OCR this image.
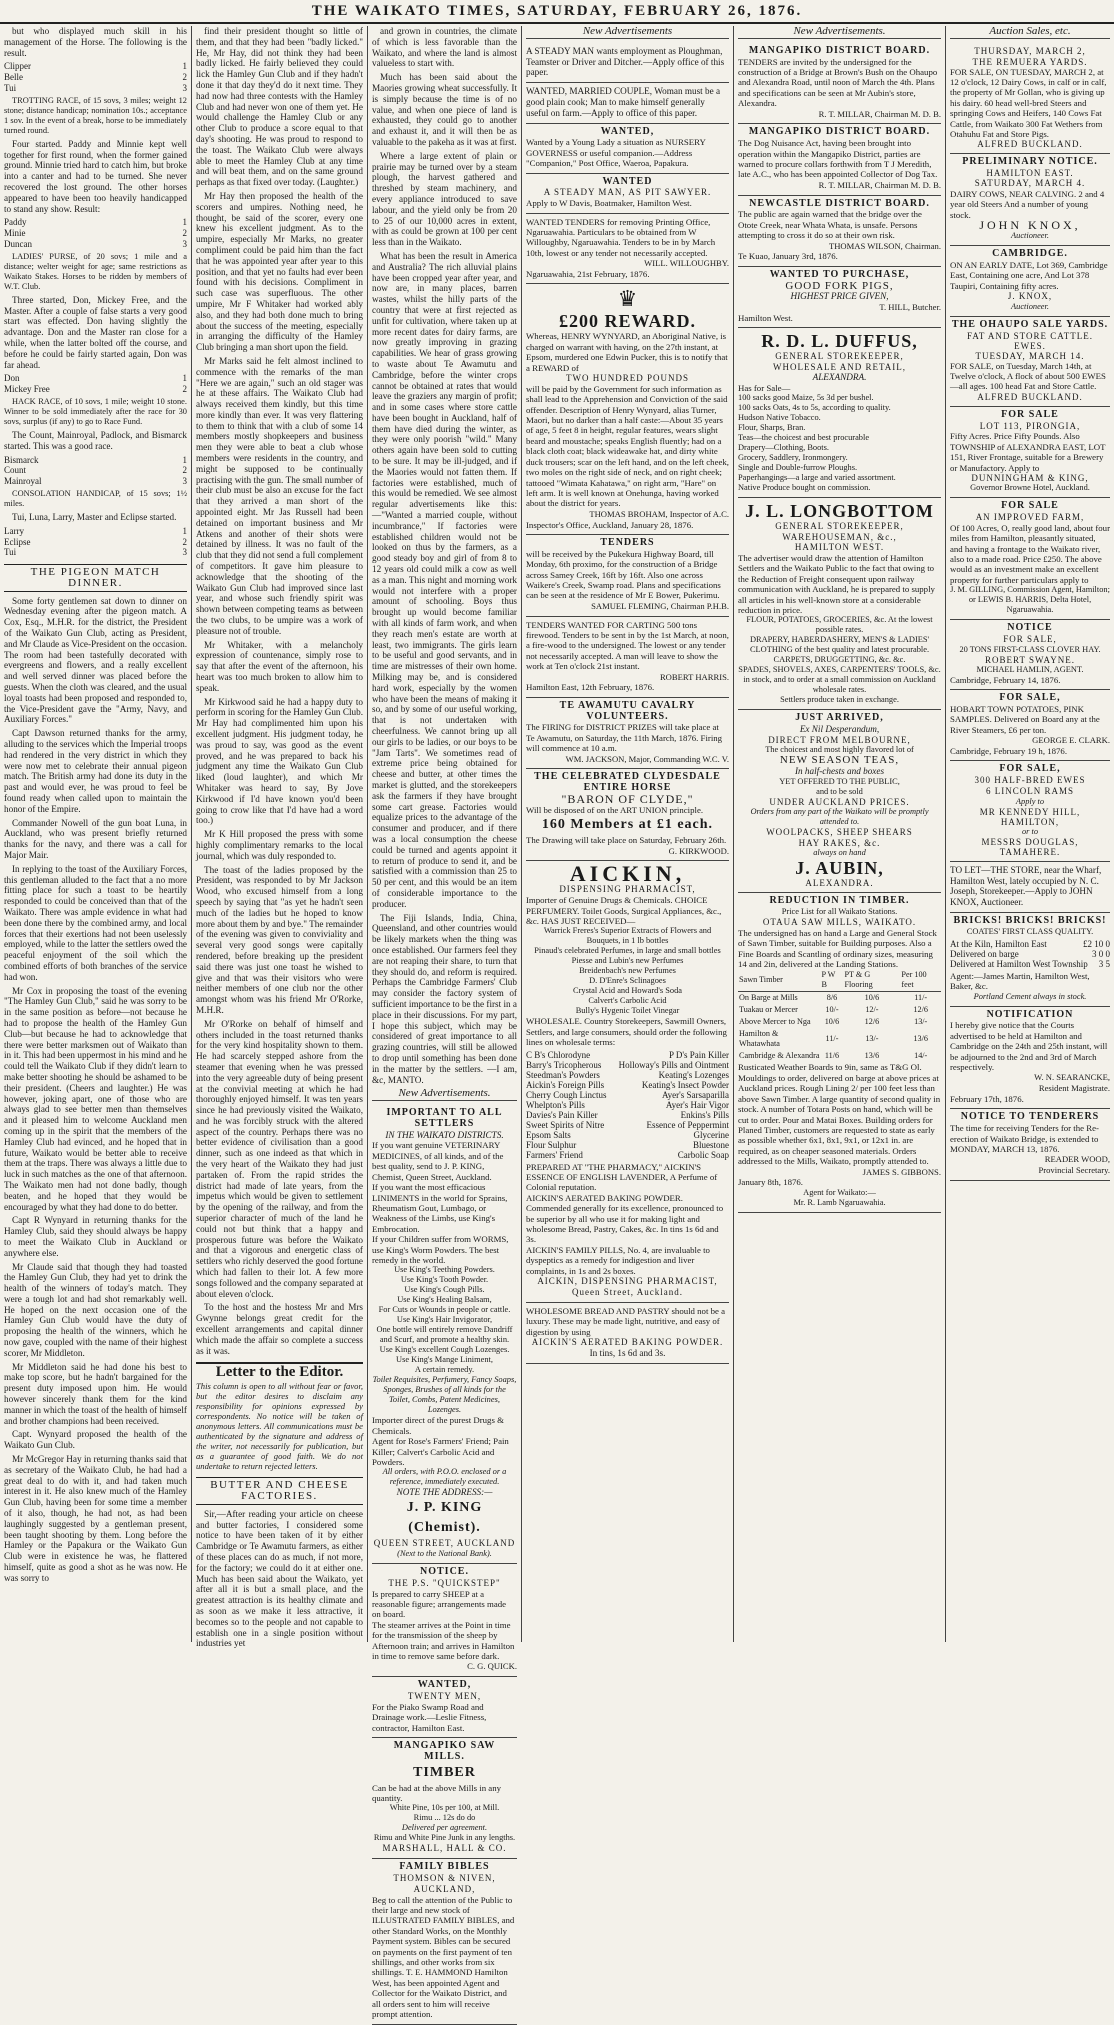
THE WAIKATO TIMES, SATURDAY, FEBRUARY 26, 1876.

but who displayed much skill in his management of the Horse. The following is the result.

Clipper	1
Belle	2
Tui	3

TROTTING RACE, of 15 sovs, 3 miles; weight 12 stone; distance handicap; nomination 10s.; acceptance 1 sov. In the event of a break, horse to be immediately turned round.

Four started. Paddy and Minnie kept well together for first round, when the former gained ground. Minnie tried hard to catch him, but broke into a canter and had to be turned. She never recovered the lost ground. The other horses appeared to have been too heavily handicapped to stand any show. Result:

Paddy	1
Minie	2
Duncan	3

LADIES' PURSE, of 20 sovs; 1 mile and a distance; welter weight for age; same restrictions as Waikato Stakes. Horses to be ridden by members of W.T. Club.

Three started, Don, Mickey Free, and the Master. After a couple of false starts a very good start was effected. Don having slightly the advantage. Don and the Master ran close for a while, when the latter bolted off the course, and before he could be fairly started again, Don was far ahead.

Don	1
Mickey Free	2

HACK RACE, of 10 sovs, 1 mile; weight 10 stone. Winner to be sold immediately after the race for 30 sovs, surplus (if any) to go to Race Fund.

The Count, Mainroyal, Padlock, and Bismarck started. This was a good race.

Bismarck	1
Count	2
Mainroyal	3

CONSOLATION HANDICAP, of 15 sovs; 1½ miles.

Tui, Luna, Larry, Master and Eclipse started.

Larry	1
Eclipse	2
Tui	3
THE PIGEON MATCH DINNER.

Some forty gentlemen sat down to dinner on Wednesday evening after the pigeon match. A Cox, Esq., M.H.R. for the district, the President of the Waikato Gun Club, acting as President, and Mr Claude as Vice-President on the occasion. The room had been tastefully decorated with evergreens and flowers, and a really excellent and well served dinner was placed before the guests. When the cloth was cleared, and the usual loyal toasts had been proposed and responded to, the Vice-President gave the "Army, Navy, and Auxiliary Forces."

Capt Dawson returned thanks for the army, alluding to the services which the Imperial troops had rendered in the very district in which they were now met to celebrate their annual pigeon match. The British army had done its duty in the past and would ever, he was proud to feel be found ready when called upon to maintain the honor of the Empire.

Commander Nowell of the gun boat Luna, in Auckland, who was present briefly returned thanks for the navy, and there was a call for Major Mair.

In replying to the toast of the Auxiliary Forces, this gentleman alluded to the fact that a no more fitting place for such a toast to be heartily responded to could be conceived than that of the Waikato. There was ample evidence in what had been done there by the combined army, and local forces that their exertions had not been uselessly employed, while to the latter the settlers owed the peaceful enjoyment of the soil which the combined efforts of both branches of the service had won.

Mr Cox in proposing the toast of the evening "The Hamley Gun Club," said he was sorry to be in the same position as before—not because he had to propose the health of the Hamley Gun Club—but because he had to acknowledge that there were better marksmen out of Waikato than in it. This had been uppermost in his mind and he could tell the Waikato Club if they didn't learn to make better shooting he should be ashamed to be their president. (Cheers and laughter.) He was however, joking apart, one of those who are always glad to see better men than themselves and it pleased him to welcome Auckland men coming up in the spirit that the members of the Hamley Club had evinced, and he hoped that in future, Waikato would be better able to receive them at the traps. There was always a little due to luck in such matches as the one of that afternoon. The Waikato men had not done badly, though beaten, and he hoped that they would be encouraged by what they had done to do better.

Capt R Wynyard in returning thanks for the Hamley Club, said they should always be happy to meet the Waikato Club in Auckland or anywhere else.

Mr Claude said that though they had toasted the Hamley Gun Club, they had yet to drink the health of the winners of today's match. They were a tough lot and had shot remarkably well. He hoped on the next occasion one of the Hamley Gun Club would have the duty of proposing the health of the winners, which he now gave, coupled with the name of their highest scorer, Mr Middleton.

Mr Middleton said he had done his best to make top score, but he hadn't bargained for the present duty imposed upon him. He would however sincerely thank them for the kind manner in which the toast of the health of himself and brother champions had been received.

Capt. Wynyard proposed the health of the Waikato Gun Club.

Mr McGregor Hay in returning thanks said that as secretary of the Waikato Club, he had had a great deal to do with it, and had taken much interest in it. He also knew much of the Hamley Gun Club, having been for some time a member of it also, though, he had not, as had been laughingly suggested by a gentleman present, been taught shooting by them. Long before the Hamley or the Papakura or the Waikato Gun Club were in existence he was, he flattered himself, quite as good a shot as he was now. He was sorry to

find their president thought so little of them, and that they had been "badly licked." He, Mr Hay, did not think they had been badly licked. He fairly believed they could lick the Hamley Gun Club and if they hadn't done it that day they'd do it next time. They had now had three contests with the Hamley Club and had never won one of them yet. He would challenge the Hamley Club or any other Club to produce a score equal to that day's shooting. He was proud to respond to the toast. The Waikato Club were always able to meet the Hamley Club at any time and will beat them, and on the same ground perhaps as that fixed over today. (Laughter.)

Mr Hay then proposed the health of the scorers and umpires. Nothing need, he thought, be said of the scorer, every one knew his excellent judgment. As to the umpire, especially Mr Marks, no greater compliment could be paid him than the fact that he was appointed year after year to this position, and that yet no faults had ever been found with his decisions. Compliment in such case was superfluous. The other umpire, Mr F Whitaker had worked ably also, and they had both done much to bring about the success of the meeting, especially in arranging the difficulty of the Hamley Club bringing a man short upon the field.

Mr Marks said he felt almost inclined to commence with the remarks of the man "Here we are again," such an old stager was he at these affairs. The Waikato Club had always received them kindly, but this time more kindly than ever. It was very flattering to them to think that with a club of some 14 members mostly shopkeepers and business men they were able to beat a club whose members were residents in the country, and might be supposed to be continually practising with the gun. The small number of their club must be also an excuse for the fact that they arrived a man short of the appointed eight. Mr Jas Russell had been detained on important business and Mr Atkens and another of their shots were detained by illness. It was no fault of the club that they did not send a full complement of competitors. It gave him pleasure to acknowledge that the shooting of the Waikato Gun Club had improved since last year, and whose such friendly spirit was shown between competing teams as between the two clubs, to be umpire was a work of pleasure not of trouble.

Mr Whitaker, with a melancholy expression of countenance, simply rose to say that after the event of the afternoon, his heart was too much broken to allow him to speak.

Mr Kirkwood said he had a happy duty to perform in scoring for the Hamley Gun Club. Mr Hay had complimented him upon his excellent judgment. His judgment today, he was proud to say, was good as the event proved, and he was prepared to back his judgment any time the Waikato Gun Club liked (loud laughter), and which Mr Whitaker was heard to say, By Jove Kirkwood if I'd have known you'd been going to crow like that I'd have had a word too.)

Mr K Hill proposed the press with some highly complimentary remarks to the local journal, which was duly responded to.

The toast of the ladies proposed by the President, was responded to by Mr Jackson Wood, who excused himself from a long speech by saying that "as yet he hadn't seen much of the ladies but he hoped to know more about them by and bye." The remainder of the evening was given to conviviality and several very good songs were capitally rendered, before breaking up the president said there was just one toast he wished to give and that was their visitors who were neither members of one club nor the other amongst whom was his friend Mr O'Rorke, M.H.R.

Mr O'Rorke on behalf of himself and others included in the toast returned thanks for the very kind hospitality shown to them. He had scarcely stepped ashore from the steamer that evening when he was pressed into the very agreeable duty of being present at the convivial meeting at which he had thoroughly enjoyed himself. It was ten years since he had previously visited the Waikato, and he was forcibly struck with the altered aspect of the country. Perhaps there was no better evidence of civilisation than a good dinner, such as one indeed as that which in the very heart of the Waikato they had just partaken of. From the rapid strides the district had made of late years, from the impetus which would be given to settlement by the opening of the railway, and from the superior character of much of the land he could not but think that a happy and prosperous future was before the Waikato and that a vigorous and energetic class of settlers who richly deserved the good fortune which had fallen to their lot. A few more songs followed and the company separated at about eleven o'clock.

To the host and the hostess Mr and Mrs Gwynne belongs great credit for the excellent arrangements and capital dinner which made the affair so complete a success as it was.

Letter to the Editor.
This column is open to all without fear or favor, but the editor desires to disclaim any responsibility for opinions expressed by correspondents. No notice will be taken of anonymous letters. All communications must be authenticated by the signature and address of the writer, not necessarily for publication, but as a guarantee of good faith. We do not undertake to return rejected letters.
BUTTER AND CHEESE FACTORIES.

Sir,—After reading your article on cheese and butter factories, I considered some notice to have been taken of it by either Cambridge or Te Awamutu farmers, as either of these places can do as much, if not more, for the factory; we could do it at either one. Much has been said about the Waikato, yet after all it is but a small place, and the greatest attraction is its healthy climate and as soon as we make it less attractive, it becomes so to the people and not capable to establish one in a single position without industries yet

and grown in countries, the climate of which is less favorable than the Waikato, and where the land is almost valueless to start with.

Much has been said about the Maories growing wheat successfully. It is simply because the time is of no value, and when one piece of land is exhausted, they could go to another and exhaust it, and it will then be as valuable to the pakeha as it was at first.

Where a large extent of plain or prairie may be turned over by a steam plough, the harvest gathered and threshed by steam machinery, and every appliance introduced to save labour, and the yield only be from 20 to 25 of our 10,000 acres in extent, with as could be grown at 100 per cent less than in the Waikato.

What has been the result in America and Australia? The rich alluvial plains have been cropped year after year, and now are, in many places, barren wastes, whilst the hilly parts of the country that were at first rejected as unfit for cultivation, where taken up at more recent dates for dairy farms, are now greatly improving in grazing capabilities. We hear of grass growing to waste about Te Awamutu and Cambridge, before the winter crops cannot be obtained at rates that would leave the graziers any margin of profit; and in some cases where store cattle have been bought in Auckland, half of them have died during the winter, as they were only poorish "wild." Many others again have been sold to cutting to be sure. It may be ill-judged, and if the Maories would not fatten them. If factories were established, much of this would be remedied. We see almost regular advertisements like this:—"Wanted a married couple, without incumbrance," If factories were established children would not be looked on thus by the farmers, as a good steady boy and girl of from 8 to 12 years old could milk a cow as well as a man. This night and morning work would not interfere with a proper amount of schooling. Boys thus brought up would become familiar with all kinds of farm work, and when they reach men's estate are worth at least, two immigrants. The girls learn to be useful and good servants, and in time are mistresses of their own home. Milking may be, and is considered hard work, especially by the women who have been the means of making it so, and by some of our useful working, that is not undertaken with cheerfulness. We cannot bring up all our girls to be ladies, or our boys to be "Jam Tarts". We sometimes read of extreme price being obtained for cheese and butter, at other times the market is glutted, and the storekeepers ask the farmers if they have brought some cart grease. Factories would equalize prices to the advantage of the consumer and producer, and if there was a local consumption the cheese could be turned and agents appoint it to return of produce to send it, and be satisfied with a commission than 25 to 50 per cent, and this would be an item of considerable importance to the producer.

The Fiji Islands, India, China, Queensland, and other countries would be likely markets when the thing was once established. Our farmers feel they are not reaping their share, to turn that they should do, and reform is required. Perhaps the Cambridge Farmers' Club may consider the factory system of sufficient importance to be the first in a place in their discussions. For my part, I hope this subject, which may be considered of great importance to all grazing countries, will still be allowed to drop until something has been done in the matter by the settlers. —I am, &c, MANTO.

New Advertisements.
IMPORTANT TO ALL SETTLERS
IN THE WAIKATO DISTRICTS.
If you want genuine VETERINARY MEDICINES, of all kinds, and of the best quality, send to J. P. KING, Chemist, Queen Street, Auckland.
If you want the most efficacious LINIMENTS in the world for Sprains, Rheumatism Gout, Lumbago, or Weakness of the Limbs, use King's Embrocation.
If your Children suffer from WORMS, use King's Worm Powders. The best remedy in the world.
Use King's Teething Powders.
Use King's Tooth Powder.
Use King's Cough Pills.
Use King's Healing Balsam,
For Cuts or Wounds in people or cattle.
Use King's Hair Invigorator,
One bottle will entirely remove Dandriff and Scurf, and promote a healthy skin.
Use King's excellent Cough Lozenges.
Use King's Mange Liniment,
A certain remedy.
Toilet Requisites, Perfumery, Fancy Soaps, Sponges, Brushes of all kinds for the Toilet, Combs, Patent Medicines, Lozenges.
Importer direct of the purest Drugs & Chemicals.
Agent for Rose's Farmers' Friend; Pain Killer; Calvert's Carbolic Acid and Powders.
All orders, with P.O.O. enclosed or a reference, immediately executed.
NOTE THE ADDRESS:—
J. P. KING (Chemist).
QUEEN STREET, AUCKLAND
(Next to the National Bank).
NOTICE.
THE P.S. "QUICKSTEP"
Is prepared to carry SHEEP at a reasonable figure; arrangements made on board.
The steamer arrives at the Point in time for the transmission of the sheep by Afternoon train; and arrives in Hamilton in time to remove same before dark.
C. G. QUICK.
WANTED,
TWENTY MEN,
For the Piako Swamp Road and Drainage work.—Leslie Fitness, contractor, Hamilton East.
MANGAPIKO SAW MILLS.
TIMBER
Can be had at the above Mills in any quantity.
White Pine, 10s per 100, at Mill.
Rimu ... 12s do do
Delivered per agreement.
Rimu and White Pine Junk in any lengths.
MARSHALL, HALL & CO.
FAMILY BIBLES
THOMSON & NIVEN, AUCKLAND,
Beg to call the attention of the Public to their large and new stock of ILLUSTRATED FAMILY BIBLES, and other Standard Works, on the Monthly Payment system. Bibles can be secured on payments on the first payment of ten shillings, and other works from six shillings. T. E. HAMMOND Hamilton West, has been appointed Agent and Collector for the Waikato District, and all orders sent to him will receive prompt attention.
New Advertisements
A STEADY MAN wants employment as Ploughman, Teamster or Driver and Ditcher.—Apply office of this paper.
WANTED, MARRIED COUPLE, Woman must be a good plain cook; Man to make himself generally useful on farm.—Apply to office of this paper.
WANTED,
Wanted by a Young Lady a situation as NURSERY GOVERNESS or useful companion.—Address "Companion," Post Office, Waeroa, Papakura.
WANTED
A STEADY MAN, AS PIT SAWYER.
Apply to W Davis, Boatmaker, Hamilton West.
WANTED TENDERS for removing Printing Office, Ngaruawahia. Particulars to be obtained from W Willoughby, Ngaruawahia. Tenders to be in by March 10th, lowest or any tender not necessarily accepted.
WILL. WILLOUGHBY.
Ngaruawahia, 21st February, 1876.
♛
£200 REWARD.
Whereas, HENRY WYNYARD, an Aboriginal Native, is charged on warrant with having, on the 27th instant, at Epsom, murdered one Edwin Pucker, this is to notify that a REWARD of
TWO HUNDRED POUNDS
will be paid by the Government for such information as shall lead to the Apprehension and Conviction of the said offender. Description of Henry Wynyard, alias Turner, Maori, but no darker than a half caste:—About 35 years of age, 5 feet 8 in height, regular features, wears slight beard and moustache; speaks English fluently; had on a black cloth coat; black wideawake hat, and dirty white duck trousers; scar on the left hand, and on the left cheek, two moles on the right side of neck, and on right cheek; tattooed "Wimata Kahatawa," on right arm, "Hare" on left arm. It is well known at Onehunga, having worked about the district for years.
THOMAS BROHAM, Inspector of A.C.
Inspector's Office, Auckland, January 28, 1876.
TENDERS
will be received by the Pukekura Highway Board, till Monday, 6th proximo, for the construction of a Bridge across Samey Creek, 16ft by 16ft. Also one across Waikere's Creek, Swamp road. Plans and specifications can be seen at the residence of Mr E Bower, Pukerimu.
SAMUEL FLEMING, Chairman P.H.B.
TENDERS WANTED FOR CARTING 500 tons firewood. Tenders to be sent in by the 1st March, at noon, a fire-wood to the undersigned. The lowest or any tender not necessarily accepted. A man will leave to show the work at Ten o'clock 21st instant.
ROBERT HARRIS.
Hamilton East, 12th February, 1876.
TE AWAMUTU CAVALRY VOLUNTEERS.
The FIRING for DISTRICT PRIZES will take place at Te Awamutu, on Saturday, the 11th March, 1876. Firing will commence at 10 a.m.
WM. JACKSON, Major, Commanding W.C. V.
THE CELEBRATED CLYDESDALE ENTIRE HORSE
"BARON OF CLYDE,"
Will be disposed of on the ART UNION principle.
160 Members at £1 each.
The Drawing will take place on Saturday, February 26th.
G. KIRKWOOD.
AICKIN,
DISPENSING PHARMACIST,
Importer of Genuine Drugs & Chemicals. CHOICE PERFUMERY. Toilet Goods, Surgical Appliances, &c., &c. HAS JUST RECEIVED—
Warrick Freres's Superior Extracts of Flowers and Bouquets, in 1 lb bottles
Pinaud's celebrated Perfumes, in large and small bottles
Piesse and Lubin's new Perfumes
Breidenbach's new Perfumes
D. D'Enre's Sclinagoes
Crystal Acid and Howard's Soda
Calvert's Carbolic Acid
Bully's Hygenic Toilet Vinegar
WHOLESALE. Country Storekeepers, Sawmill Owners, Settlers, and large consumers, should order the following lines on wholesale terms:
C B's Chlorodyne	P D's Pain Killer
Barry's Tricopherous Holloway's Pills and Ointment
Steedman's Powders	Keating's Lozenges
Aickin's Foreign Pills	Keating's Insect Powder
Cherry Cough Linctus	Ayer's Sarsaparilla
Whelpton's Pills	Ayer's Hair Vigor
Davies's Pain Killer	Enkins's Pills
Sweet Spirits of Nitre	Essence of Peppermint
Epsom Salts	Glycerine
Flour Sulphur	Bluestone
Farmers' Friend	Carbolic Soap
PREPARED AT "THE PHARMACY," AICKIN'S ESSENCE OF ENGLISH LAVENDER, A Perfume of Colonial reputation.
AICKIN'S AERATED BAKING POWDER. Commended generally for its excellence, pronounced to be superior by all who use it for making light and wholesome Bread, Pastry, Cakes, &c. In tins 1s 6d and 3s.
AICKIN'S FAMILY PILLS, No. 4, are invaluable to dyspeptics as a remedy for indigestion and liver complaints, in 1s and 2s boxes.
AICKIN, DISPENSING PHARMACIST, Queen Street, Auckland.
WHOLESOME BREAD AND PASTRY should not be a luxury. These may be made light, nutritive, and easy of digestion by using
AICKIN'S AERATED BAKING POWDER.
In tins, 1s 6d and 3s.
New Advertisements.
MANGAPIKO DISTRICT BOARD.
TENDERS are invited by the undersigned for the construction of a Bridge at Brown's Bush on the Ohaupo and Alexandra Road, until noon of March the 4th. Plans and specifications can be seen at Mr Aubin's store, Alexandra.
R. T. MILLAR, Chairman M. D. B.
MANGAPIKO DISTRICT BOARD.
The Dog Nuisance Act, having been brought into operation within the Mangapiko District, parties are warned to procure collars forthwith from T J Meredith, late A.C., who has been appointed Collector of Dog Tax.
R. T. MILLAR, Chairman M. D. B.
NEWCASTLE DISTRICT BOARD.
The public are again warned that the bridge over the Otote Creek, near Whata Whata, is unsafe. Persons attempting to cross it do so at their own risk.
THOMAS WILSON, Chairman.
Te Kuao, January 3rd, 1876.
WANTED TO PURCHASE,
GOOD FORK PIGS,
HIGHEST PRICE GIVEN,
T. HILL, Butcher.
Hamilton West.
R. D. L. DUFFUS,
GENERAL STOREKEEPER,
WHOLESALE AND RETAIL,
ALEXANDRA.
Has for Sale—
100 sacks good Maize, 5s 3d per bushel.
100 sacks Oats, 4s to 5s, according to quality.
Hudson Native Tobacco.
Flour, Sharps, Bran.
Teas—the choicest and best procurable
Drapery—Clothing, Boots.
Grocery, Saddlery, Ironmongery.
Single and Double-furrow Ploughs.
Paperhangings—a large and varied assortment.
Native Produce bought on commission.
J. L. LONGBOTTOM
GENERAL STOREKEEPER,
WAREHOUSEMAN, &c.,
HAMILTON WEST.
The advertiser would draw the attention of Hamilton Settlers and the Waikato Public to the fact that owing to the Reduction of Freight consequent upon railway communication with Auckland, he is prepared to supply all articles in his well-known store at a considerable reduction in price.
FLOUR, POTATOES, GROCERIES, &c. At the lowest possible rates.
DRAPERY, HABERDASHERY, MEN'S & LADIES' CLOTHING of the best quality and latest procurable.
CARPETS, DRUGGETTING, &c. &c.
SPADES, SHOVELS, AXES, CARPENTERS' TOOLS, &c. in stock, and to order at a small commission on Auckland wholesale rates.
Settlers produce taken in exchange.
JUST ARRIVED,
Ex Nil Desperandum,
DIRECT FROM MELBOURNE,
The choicest and most highly flavored lot of
NEW SEASON TEAS,
In half-chests and boxes
YET OFFERED TO THE PUBLIC,
and to be sold
UNDER AUCKLAND PRICES.
Orders from any part of the Waikato will be promptly attended to.
WOOLPACKS, SHEEP SHEARS
HAY RAKES, &c.
always on hand
J. AUBIN,
ALEXANDRA.
REDUCTION IN TIMBER.
Price List for all Waikato Stations.
OTAUA SAW MILLS, WAIKATO.
The undersigned has on hand a Large and General Stock of Sawn Timber, suitable for Building purposes. Also a Fine Boards and Scantling of ordinary sizes, measuring 14 and 2in, delivered at the Landing Stations.
Sawn Timber	P W B	PT & G Flooring	Per 100 feet
On Barge at Mills	8/6	10/6	11/-
Tuakau or Mercer	10/-	12/-	12/6
Above Mercer to Nga	10/6	12/6	13/-
Hamilton & Whatawhata	11/-	13/-	13/6
Cambridge & Alexandra	11/6	13/6	14/-
Rusticated Weather Boards to 9in, same as T&G Ol. Mouldings to order, delivered on barge at above prices at Auckland prices. Rough Lining 2/ per 100 feet less than above Sawn Timber. A large quantity of second quality in stock. A number of Totara Posts on hand, which will be cut to order. Pour and Matai Boxes. Building orders for Planed Timber, customers are requested to state as early as possible whether 6x1, 8x1, 9x1, or 12x1 in. are required, as on cheaper seasoned materials. Orders addressed to the Mills, Waikato, promptly attended to.
JAMES S. GIBBONS.
January 8th, 1876.
Agent for Waikato:—
Mr. R. Lamb Ngaruawahia.
Auction Sales, etc.
THURSDAY, MARCH 2,
THE REMUERA YARDS.
FOR SALE, ON TUESDAY, MARCH 2, at 12 o'clock, 12 Dairy Cows, in calf or in calf, the property of Mr Gollan, who is giving up his dairy. 60 head well-bred Steers and springing Cows and Heifers, 140 Cows Fat Cattle, from Waikato 300 Fat Wethers from Otahuhu Fat and Store Pigs.
ALFRED BUCKLAND.
PRELIMINARY NOTICE.
HAMILTON EAST.
SATURDAY, MARCH 4.
DAIRY COWS, NEAR CALVING. 2 and 4 year old Steers And a number of young stock.
JOHN KNOX,
Auctioneer.
CAMBRIDGE.
ON AN EARLY DATE, Lot 369, Cambridge East, Containing one acre, And Lot 378 Taupiri, Containing fifty acres.
J. KNOX,
Auctioneer.
THE OHAUPO SALE YARDS.
FAT AND STORE CATTLE. EWES.
TUESDAY, MARCH 14.
FOR SALE, on Tuesday, March 14th, at Twelve o'clock, A flock of about 500 EWES—all ages. 100 head Fat and Store Cattle.
ALFRED BUCKLAND.
FOR SALE
LOT 113, PIRONGIA,
Fifty Acres. Price Fifty Pounds. Also TOWNSHIP of ALEXANDRA EAST, LOT 151, River Frontage, suitable for a Brewery or Manufactory. Apply to
DUNNINGHAM & KING,
Governor Browne Hotel, Auckland.
FOR SALE
AN IMPROVED FARM,
Of 100 Acres, O, really good land, about four miles from Hamilton, pleasantly situated, and having a frontage to the Waikato river, also to a made road. Price £250. The above would as an investment make an excellent property for further particulars apply to
J. M. GILLING, Commission Agent, Hamilton; or LEWIS B. HARRIS, Delta Hotel, Ngaruawahia.
NOTICE
FOR SALE,
20 TONS FIRST-CLASS CLOVER HAY.
ROBERT SWAYNE.
MICHAEL HAMLIN, AGENT.
Cambridge, February 14, 1876.
FOR SALE,
HOBART TOWN POTATOES, PINK SAMPLES. Delivered on Board any at the River Steamers, £6 per ton.
GEORGE E. CLARK.
Cambridge, February 19 h, 1876.
FOR SALE,
300 HALF-BRED EWES
6 LINCOLN RAMS
Apply to
MR KENNEDY HILL, HAMILTON,
or to
MESSRS DOUGLAS, TAMAHERE.
TO LET—THE STORE, near the Wharf, Hamilton West, lately occupied by N. C. Joseph, Storekeeper.—Apply to JOHN KNOX, Auctioneer.
BRICKS! BRICKS! BRICKS!
COATES' FIRST CLASS QUALITY.
At the Kiln, Hamilton East	£2 10 0
Delivered on barge	3 0 0
Delivered at Hamilton West Township 3 5
Agent:—James Martin, Hamilton West, Baker, &c.
Portland Cement always in stock.
NOTIFICATION
I hereby give notice that the Courts advertised to be held at Hamilton and Cambridge on the 24th and 25th instant, will be adjourned to the 2nd and 3rd of March respectively.
W. N. SEARANCKE,
Resident Magistrate.
February 17th, 1876.
NOTICE TO TENDERERS
The time for receiving Tenders for the Re-erection of Waikato Bridge, is extended to MONDAY, MARCH 13, 1876.
READER WOOD,
Provincial Secretary.
